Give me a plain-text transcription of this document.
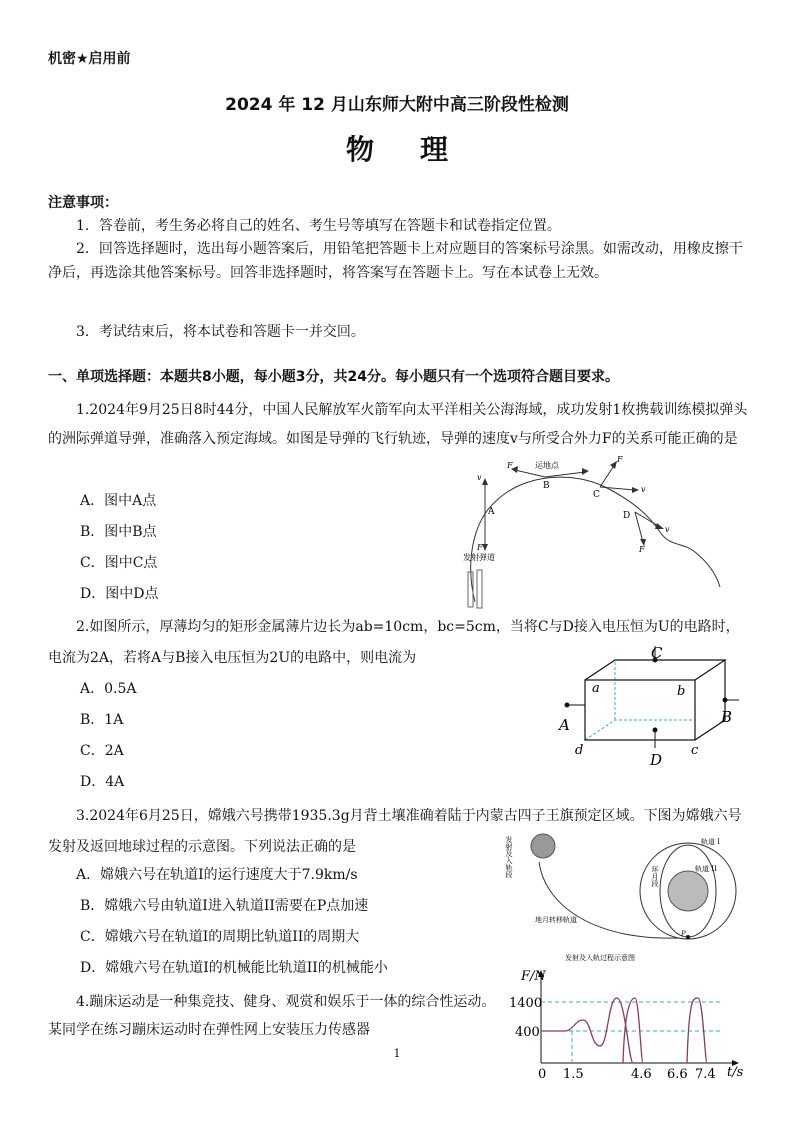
机密★启用前
2024 年 12 月山东师大附中高三阶段性检测
物理
注意事项：
1．答卷前，考生务必将自己的姓名、考生号等填写在答题卡和试卷指定位置。
2．回答选择题时，选出每小题答案后，用铅笔把答题卡上对应题目的答案标号涂黑。如需改动，用橡皮擦干净后，再选涂其他答案标号。回答非选择题时，将答案写在答题卡上。写在本试卷上无效。
3．考试结束后，将本试卷和答题卡一并交回。
一、单项选择题：本题共8小题，每小题3分，共24分。每小题只有一个选项符合题目要求。
1.2024年9月25日8时44分，中国人民解放军火箭军向太平洋相关公海海域，成功发射1枚携载训练模拟弹头的洲际弹道导弹，准确落入预定海域。如图是导弹的飞行轨迹，导弹的速度v与所受合外力F的关系可能正确的是
A．图中A点
B．图中B点
C．图中C点
D．图中D点
A
v
F
B
F	运地点
C
F
v
D
F
v
发射弹道
2.如图所示，厚薄均匀的矩形金属薄片边长为ab=10cm，bc=5cm，当将C与D接入电压恒为U的电路时，电流为2A，若将A与B接入电压恒为2U的电路中，则电流为
A．0.5A
B．1A
C．2A
D．4A
C
D
A	B
a	b
c
d
3.2024年6月25日，嫦娥六号携带1935.3g月背土壤准确着陆于内蒙古四子王旗预定区域。下图为嫦娥六号发射及返回地球过程的示意图。下列说法正确的是
A．嫦娥六号在轨道I的运行速度大于7.9km/s
B．嫦娥六号由轨道I进入轨道II需要在P点加速
C．嫦娥六号在轨道I的周期比轨道II的周期大
D．嫦娥六号在轨道I的机械能比轨道II的机械能小
发射及入轨段	轨道 I
轨道 II
环月段
地月转移轨道
P
发射及入轨过程示意图
4.蹦床运动是一种集竞技、健身、观赏和娱乐于一体的综合性运动。某同学在练习蹦床运动时在弹性网上安装压力传感器
F/N
t/s
1400
400
0 1.5	4.6 6.6 7.4
1
